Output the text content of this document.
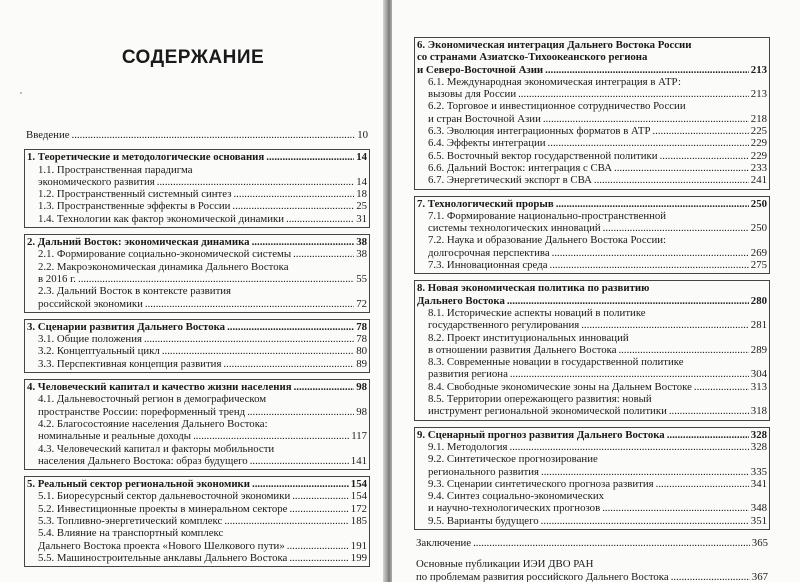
СОДЕРЖАНИЕ
Введение .....	10
1. Теоретические и методологические основания .....	14
1.1. Пространственная парадигма
экономического развития .....	14
1.2. Пространственный системный синтез .....	18
1.3. Пространственные эффекты в России .....	25
1.4. Технологии как фактор экономической динамики .....	31
2. Дальний Восток: экономическая динамика .....	38
2.1. Формирование социально-экономической системы .....	38
2.2. Макроэкономическая динамика Дальнего Востока
в 2016 г. .....	55
2.3. Дальний Восток в контексте развития
российской экономики .....	72
3. Сценарии развития Дальнего Востока .....	78
3.1. Общие положения .....	78
3.2. Концептуальный цикл .....	80
3.3. Перспективная концепция развития .....	89
4. Человеческий капитал и качество жизни населения .....	98
4.1. Дальневосточный регион в демографическом
пространстве России: пореформенный тренд .....	98
4.2. Благосостояние населения Дальнего Востока:
номинальные и реальные доходы .....	117
4.3. Человеческий капитал и факторы мобильности
населения Дальнего Востока: образ будущего .....	141
5. Реальный сектор региональной экономики .....	154
5.1. Биоресурсный сектор дальневосточной экономики .....	154
5.2. Инвестиционные проекты в минеральном секторе .....	172
5.3. Топливно-энергетический комплекс .....	185
5.4. Влияние на транспортный комплекс
Дальнего Востока проекта «Нового Шелкового пути» .....	191
5.5. Машиностроительные анклавы Дальнего Востока .....	199
6. Экономическая интеграция Дальнего Востока России
со странами Азиатско-Тихоокеанского региона
и Северо-Восточной Азии .....	213
6.1. Международная экономическая интеграция в АТР:
вызовы для России .....	213
6.2. Торговое и инвестиционное сотрудничество России
и стран Восточной Азии .....	218
6.3. Эволюция интеграционных форматов в АТР .....	225
6.4. Эффекты интеграции .....	229
6.5. Восточный вектор государственной политики .....	229
6.6. Дальний Восток: интеграция с СВА .....	233
6.7. Энергетический экспорт в СВА .....	241
7. Технологический прорыв .....	250
7.1. Формирование национально-пространственной
системы технологических инноваций .....	250
7.2. Наука и образование Дальнего Востока России:
долгосрочная перспектива .....	269
7.3. Инновационная среда .....	275
8. Новая экономическая политика по развитию
Дальнего Востока .....	280
8.1. Исторические аспекты новаций в политике
государственного регулирования .....	281
8.2. Проект институциональных инноваций
в отношении развития Дальнего Востока .....	289
8.3. Современные новации в государственной политике
развития региона .....	304
8.4. Свободные экономические зоны на Дальнем Востоке .....	313
8.5. Территории опережающего развития: новый
инструмент региональной экономической политики .....	318
9. Сценарный прогноз развития Дальнего Востока .....	328
9.1. Методология .....	328
9.2. Синтетическое прогнозирование
регионального развития .....	335
9.3. Сценарии синтетического прогноза развития .....	341
9.4. Синтез социально-экономических
и научно-технологических прогнозов .....	348
9.5. Варианты будущего .....	351
Заключение .....	365
Основные публикации ИЭИ ДВО РАН
по проблемам развития российского Дальнего Востока .....	367
